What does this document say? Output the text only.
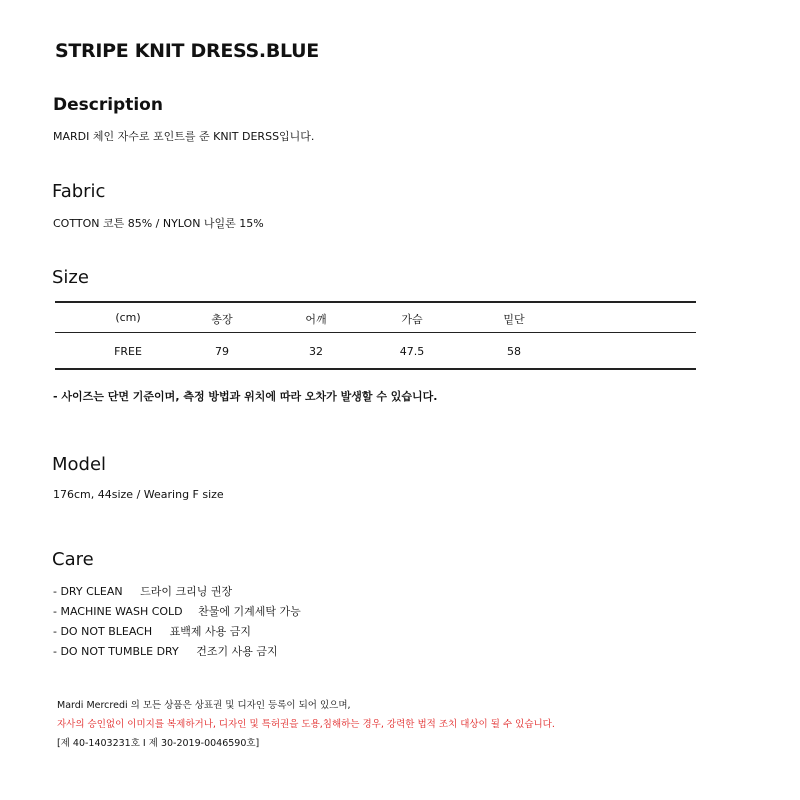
STRIPE KNIT DRESS.BLUE
Description
MARDI 체인 자수로 포인트를 준 KNIT DERSS입니다.
Fabric
COTTON 코튼 85% / NYLON 나일론 15%
Size
(cm)	총장	어깨	가슴	밑단
FREE	79	32	47.5	58
- 사이즈는 단면 기준이며, 측정 방법과 위치에 따라 오차가 발생할 수 있습니다.
Model
176cm, 44size / Wearing F size
Care
- DRY CLEAN 드라이 크리닝 권장
- MACHINE WASH COLD 찬물에 기계세탁 가능
- DO NOT BLEACH 표백제 사용 금지
- DO NOT TUMBLE DRY 건조기 사용 금지
Mardi Mercredi 의 모든 상품은 상표권 및 디자인 등록이 되어 있으며,
자사의 승인없이 이미지를 복제하거나, 디자인 및 특허권을 도용,침해하는 경우, 강력한 법적 조치 대상이 될 수 있습니다.
[제 40-1403231호 I 제 30-2019-0046590호]
